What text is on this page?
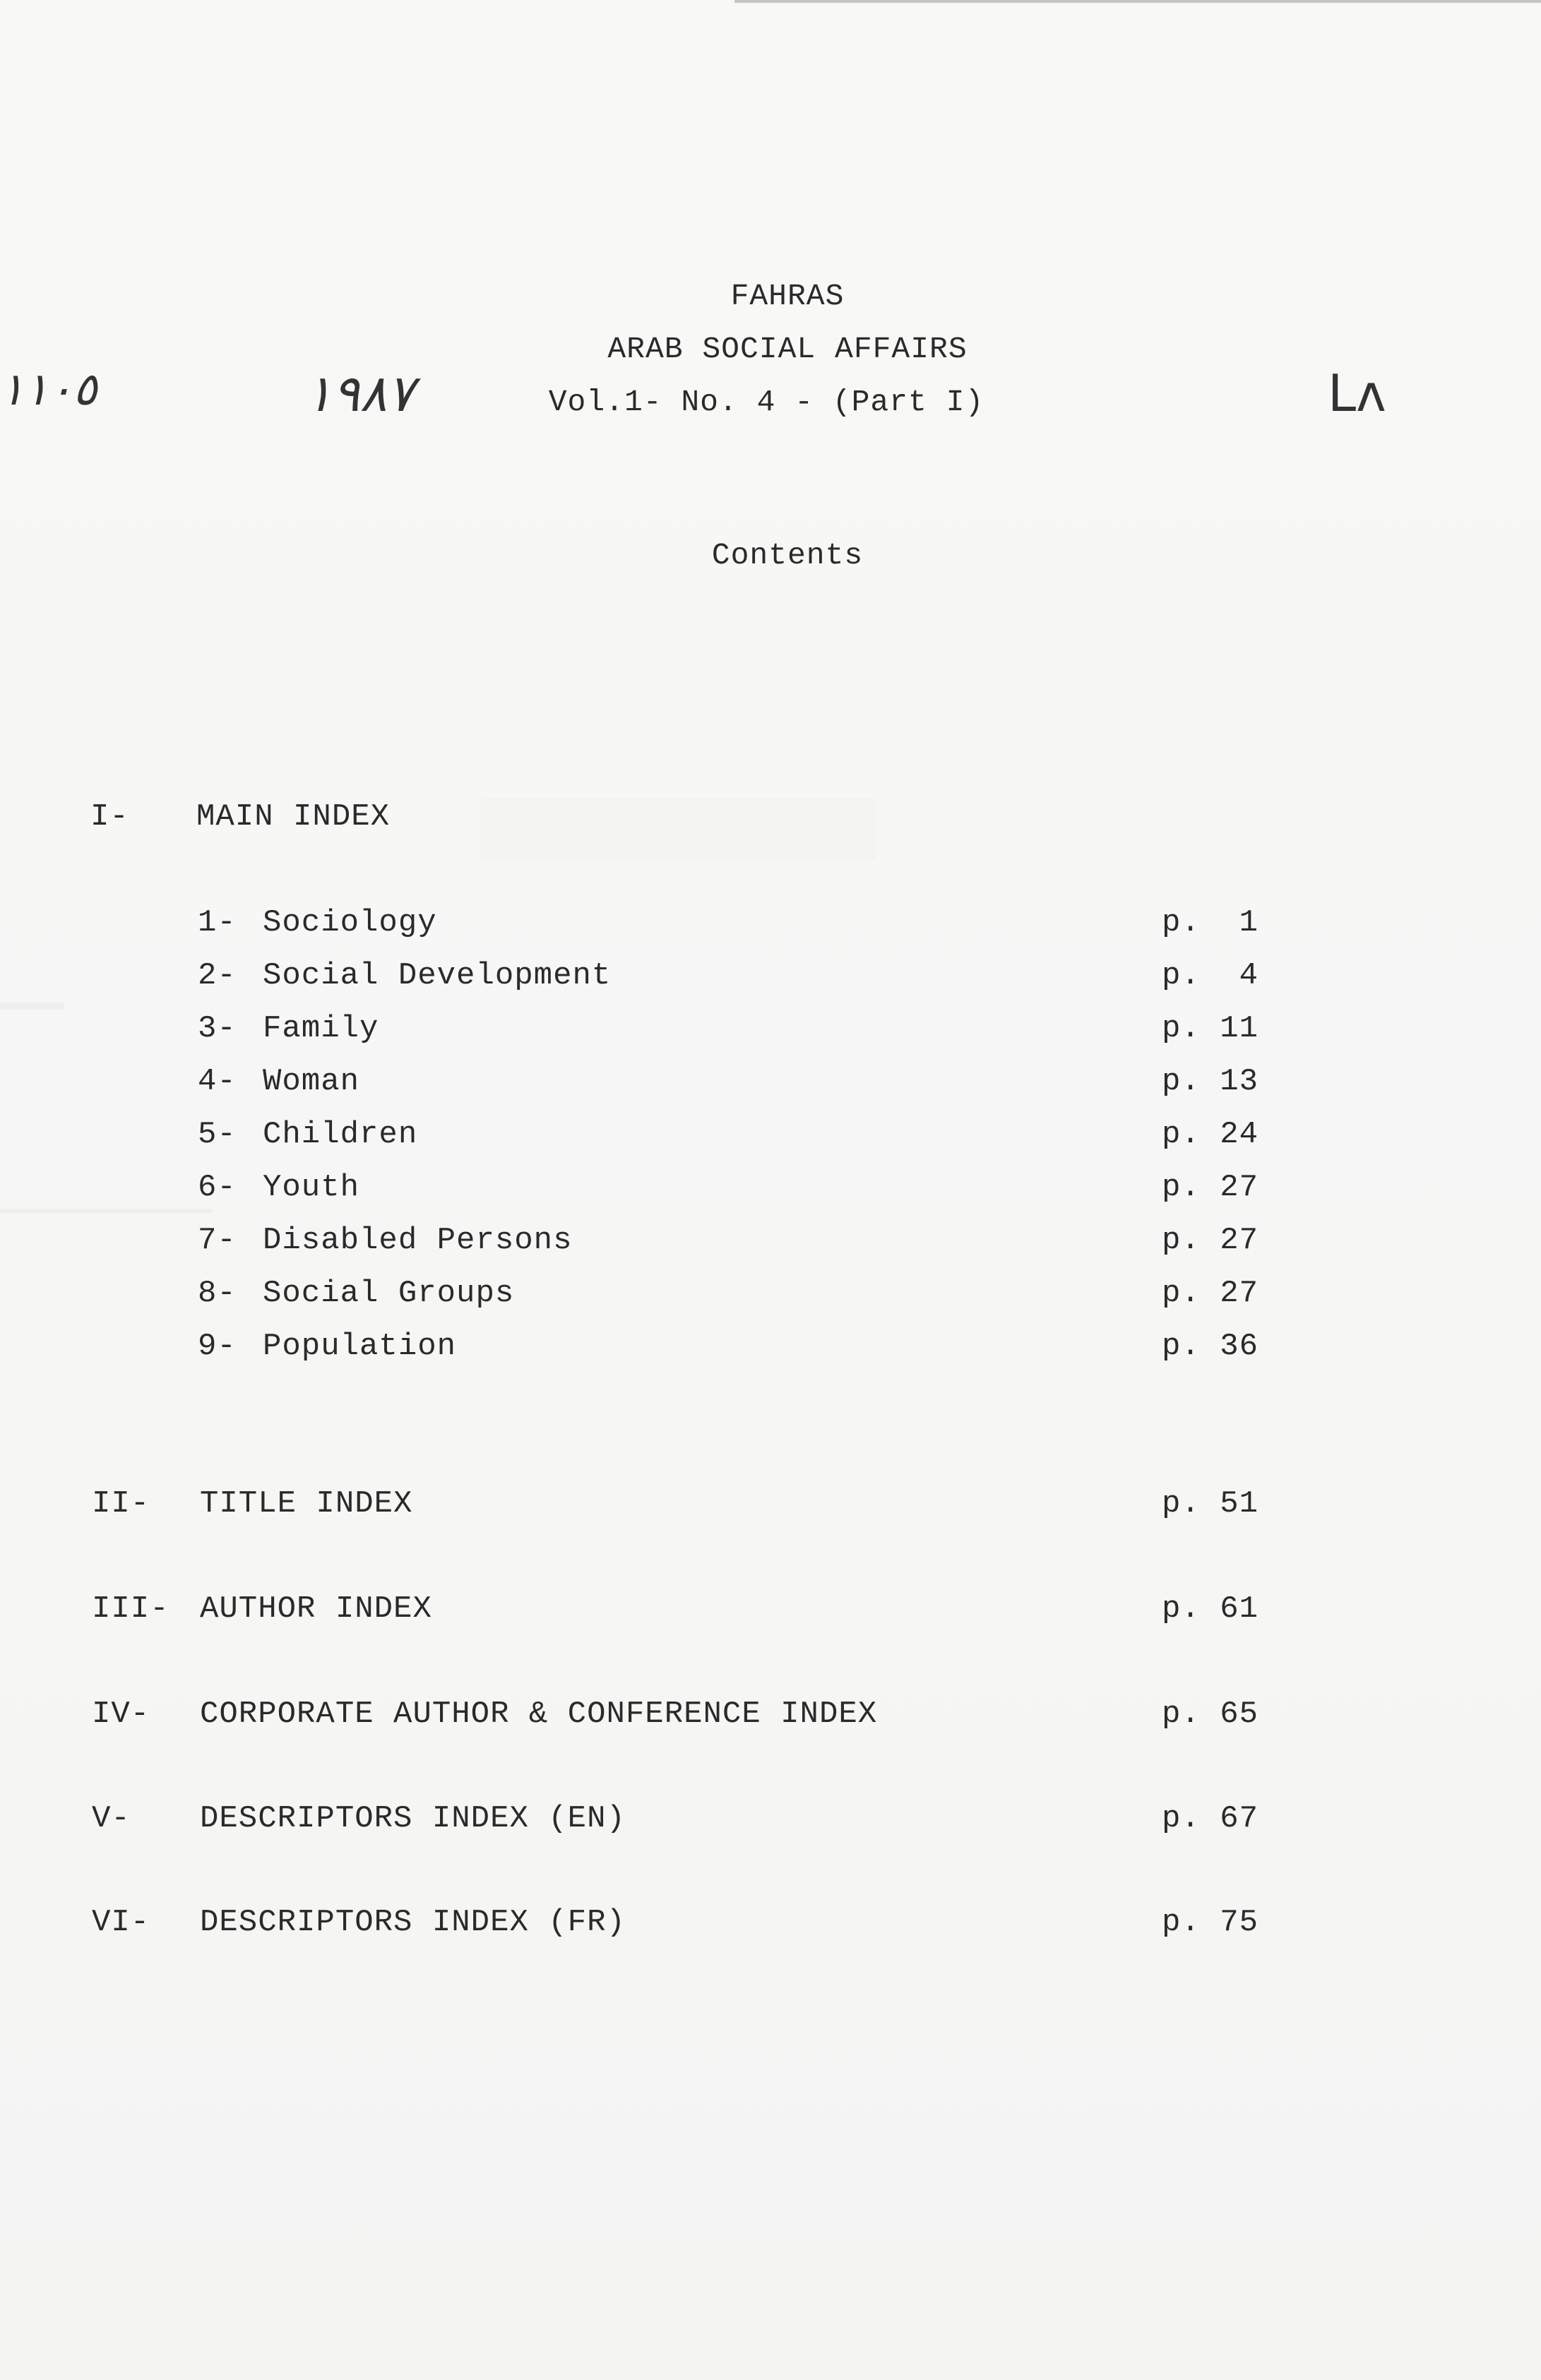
FAHRAS
ARAB SOCIAL AFFAIRS
Vol.1- No. 4 - (Part I)
Contents
١١٠٥	١٩٨٧	Lʌ
I- MAIN INDEX
1- Sociology	p.  1
2- Social Development	p.  4
3- Family	p. 11
4- Woman	p. 13
5- Children	p. 24
6- Youth	p. 27
7- Disabled Persons	p. 27
8- Social Groups	p. 27
9- Population	p. 36
II- TITLE INDEX	p. 51
III- AUTHOR INDEX	p. 61
IV- CORPORATE AUTHOR & CONFERENCE INDEX	p. 65
V- DESCRIPTORS INDEX (EN)	p. 67
VI- DESCRIPTORS INDEX (FR)	p. 75
